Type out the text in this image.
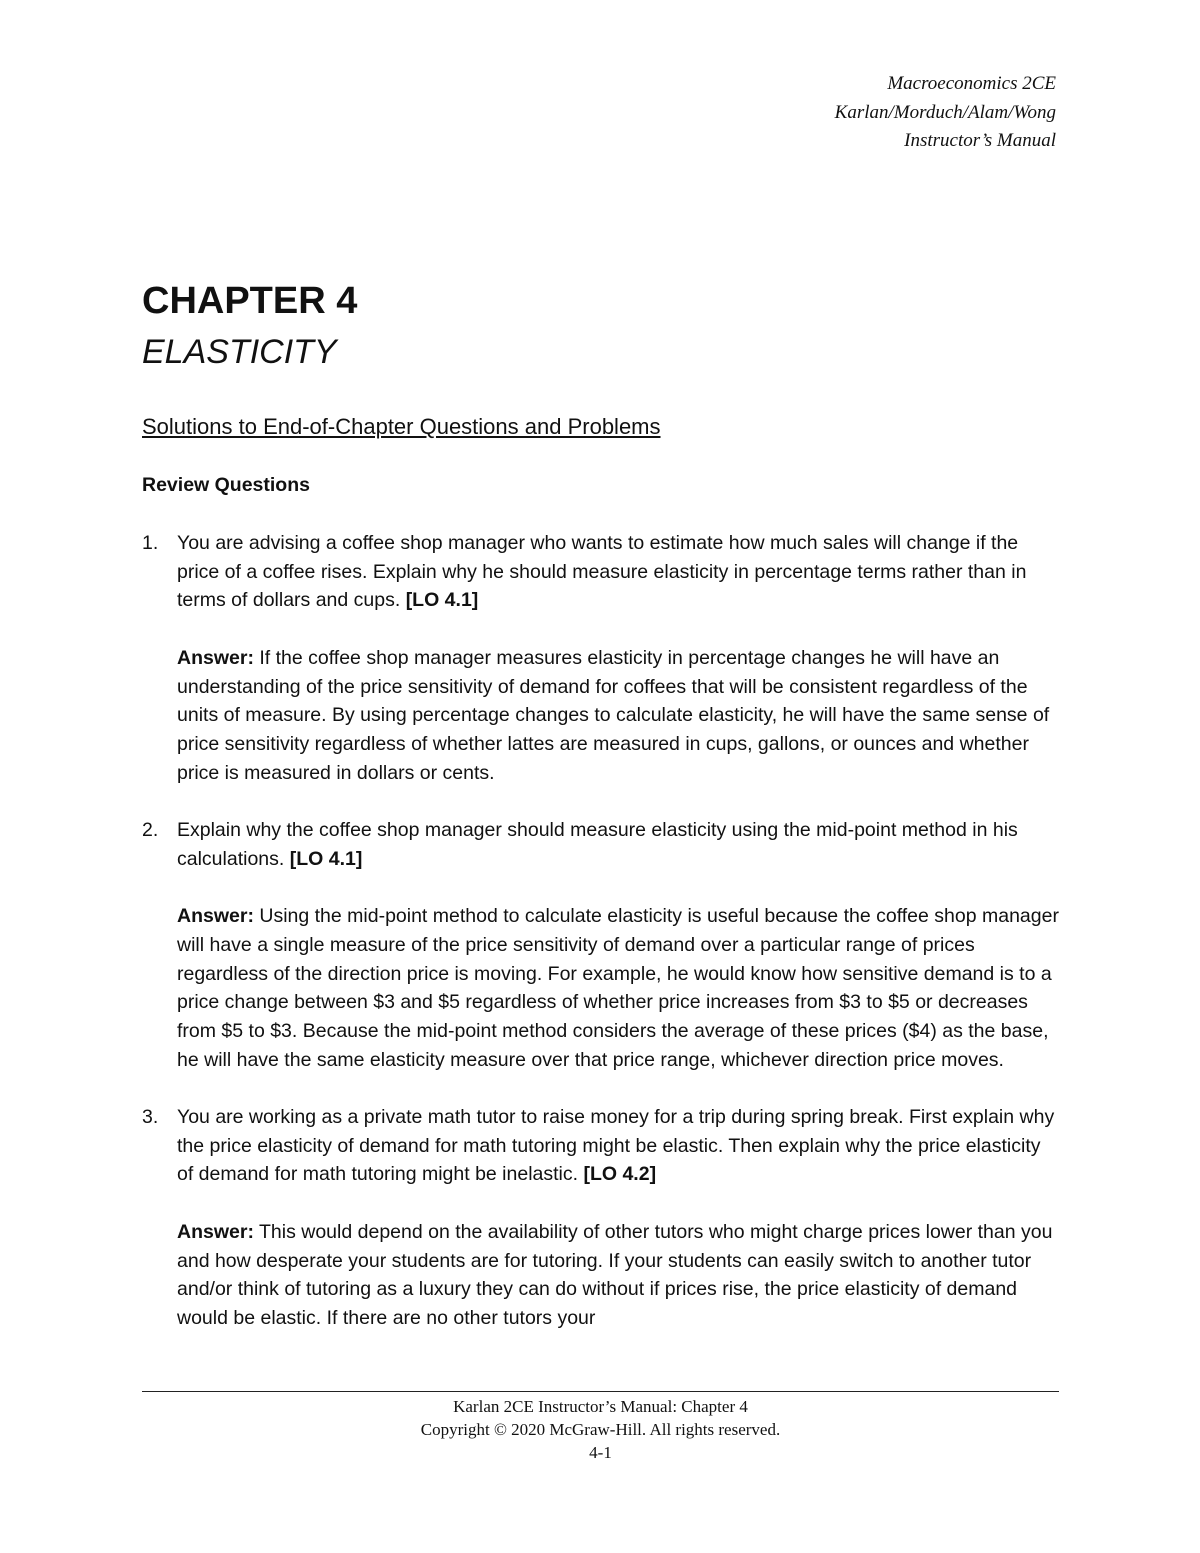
Macroeconomics 2CE
Karlan/Morduch/Alam/Wong
Instructor’s Manual
CHAPTER 4
ELASTICITY
Solutions to End-of-Chapter Questions and Problems
Review Questions
1. You are advising a coffee shop manager who wants to estimate how much sales will change if the price of a coffee rises. Explain why he should measure elasticity in percentage terms rather than in terms of dollars and cups. [LO 4.1]

Answer: If the coffee shop manager measures elasticity in percentage changes he will have an understanding of the price sensitivity of demand for coffees that will be consistent regardless of the units of measure. By using percentage changes to calculate elasticity, he will have the same sense of price sensitivity regardless of whether lattes are measured in cups, gallons, or ounces and whether price is measured in dollars or cents.

2. Explain why the coffee shop manager should measure elasticity using the mid-point method in his calculations. [LO 4.1]

Answer: Using the mid-point method to calculate elasticity is useful because the coffee shop manager will have a single measure of the price sensitivity of demand over a particular range of prices regardless of the direction price is moving. For example, he would know how sensitive demand is to a price change between $3 and $5 regardless of whether price increases from $3 to $5 or decreases from $5 to $3. Because the mid-point method considers the average of these prices ($4) as the base, he will have the same elasticity measure over that price range, whichever direction price moves.

3. You are working as a private math tutor to raise money for a trip during spring break. First explain why the price elasticity of demand for math tutoring might be elastic. Then explain why the price elasticity of demand for math tutoring might be inelastic. [LO 4.2]

Answer: This would depend on the availability of other tutors who might charge prices lower than you and how desperate your students are for tutoring. If your students can easily switch to another tutor and/or think of tutoring as a luxury they can do without if prices rise, the price elasticity of demand would be elastic. If there are no other tutors your

Karlan 2CE Instructor’s Manual: Chapter 4
Copyright © 2020 McGraw-Hill. All rights reserved.
4-1
